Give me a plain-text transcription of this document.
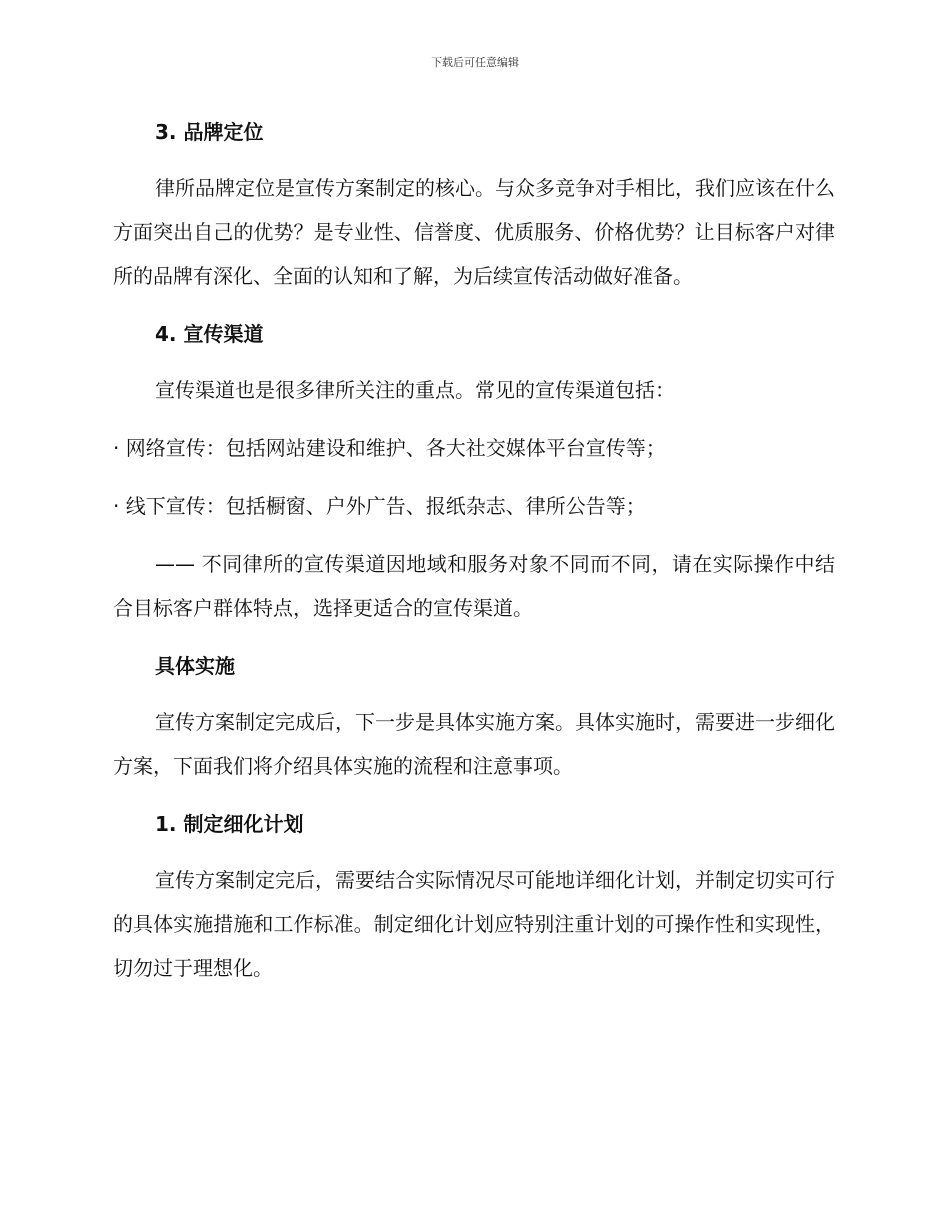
下载后可任意编辑

3. 品牌定位

律所品牌定位是宣传方案制定的核心。与众多竞争对手相比，我们应该在什么方面突出自己的优势？是专业性、信誉度、优质服务、价格优势？让目标客户对律所的品牌有深化、全面的认知和了解，为后续宣传活动做好准备。

4. 宣传渠道

宣传渠道也是很多律所关注的重点。常见的宣传渠道包括：

· 网络宣传：包括网站建设和维护、各大社交媒体平台宣传等；

· 线下宣传：包括橱窗、户外广告、报纸杂志、律所公告等；

—— 不同律所的宣传渠道因地域和服务对象不同而不同，请在实际操作中结合目标客户群体特点，选择更适合的宣传渠道。

具体实施

宣传方案制定完成后，下一步是具体实施方案。具体实施时，需要进一步细化方案，下面我们将介绍具体实施的流程和注意事项。

1. 制定细化计划

宣传方案制定完后，需要结合实际情况尽可能地详细化计划，并制定切实可行的具体实施措施和工作标准。制定细化计划应特别注重计划的可操作性和实现性，切勿过于理想化。
